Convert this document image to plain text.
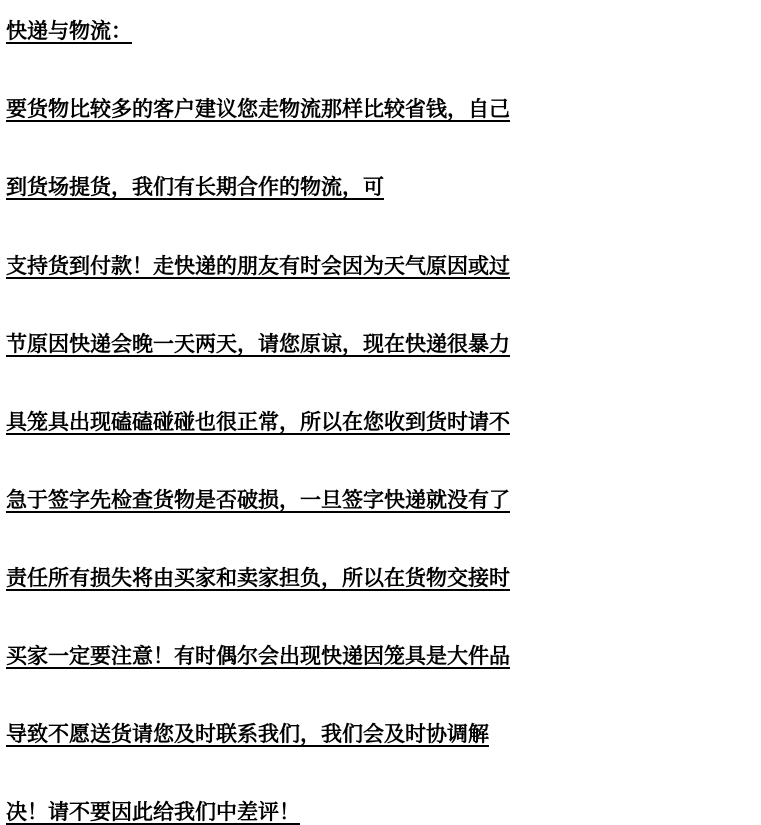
快递与物流：
要货物比较多的客户建议您走物流那样比较省钱，自己
到货场提货，我们有长期合作的物流，可
支持货到付款！走快递的朋友有时会因为天气原因或过
节原因快递会晚一天两天，请您原谅，现在快递很暴力
具笼具出现磕磕碰碰也很正常，所以在您收到货时请不
急于签字先检查货物是否破损，一旦签字快递就没有了
责任所有损失将由买家和卖家担负，所以在货物交接时
买家一定要注意！有时偶尔会出现快递因笼具是大件品
导致不愿送货请您及时联系我们，我们会及时协调解
决！请不要因此给我们中差评！
